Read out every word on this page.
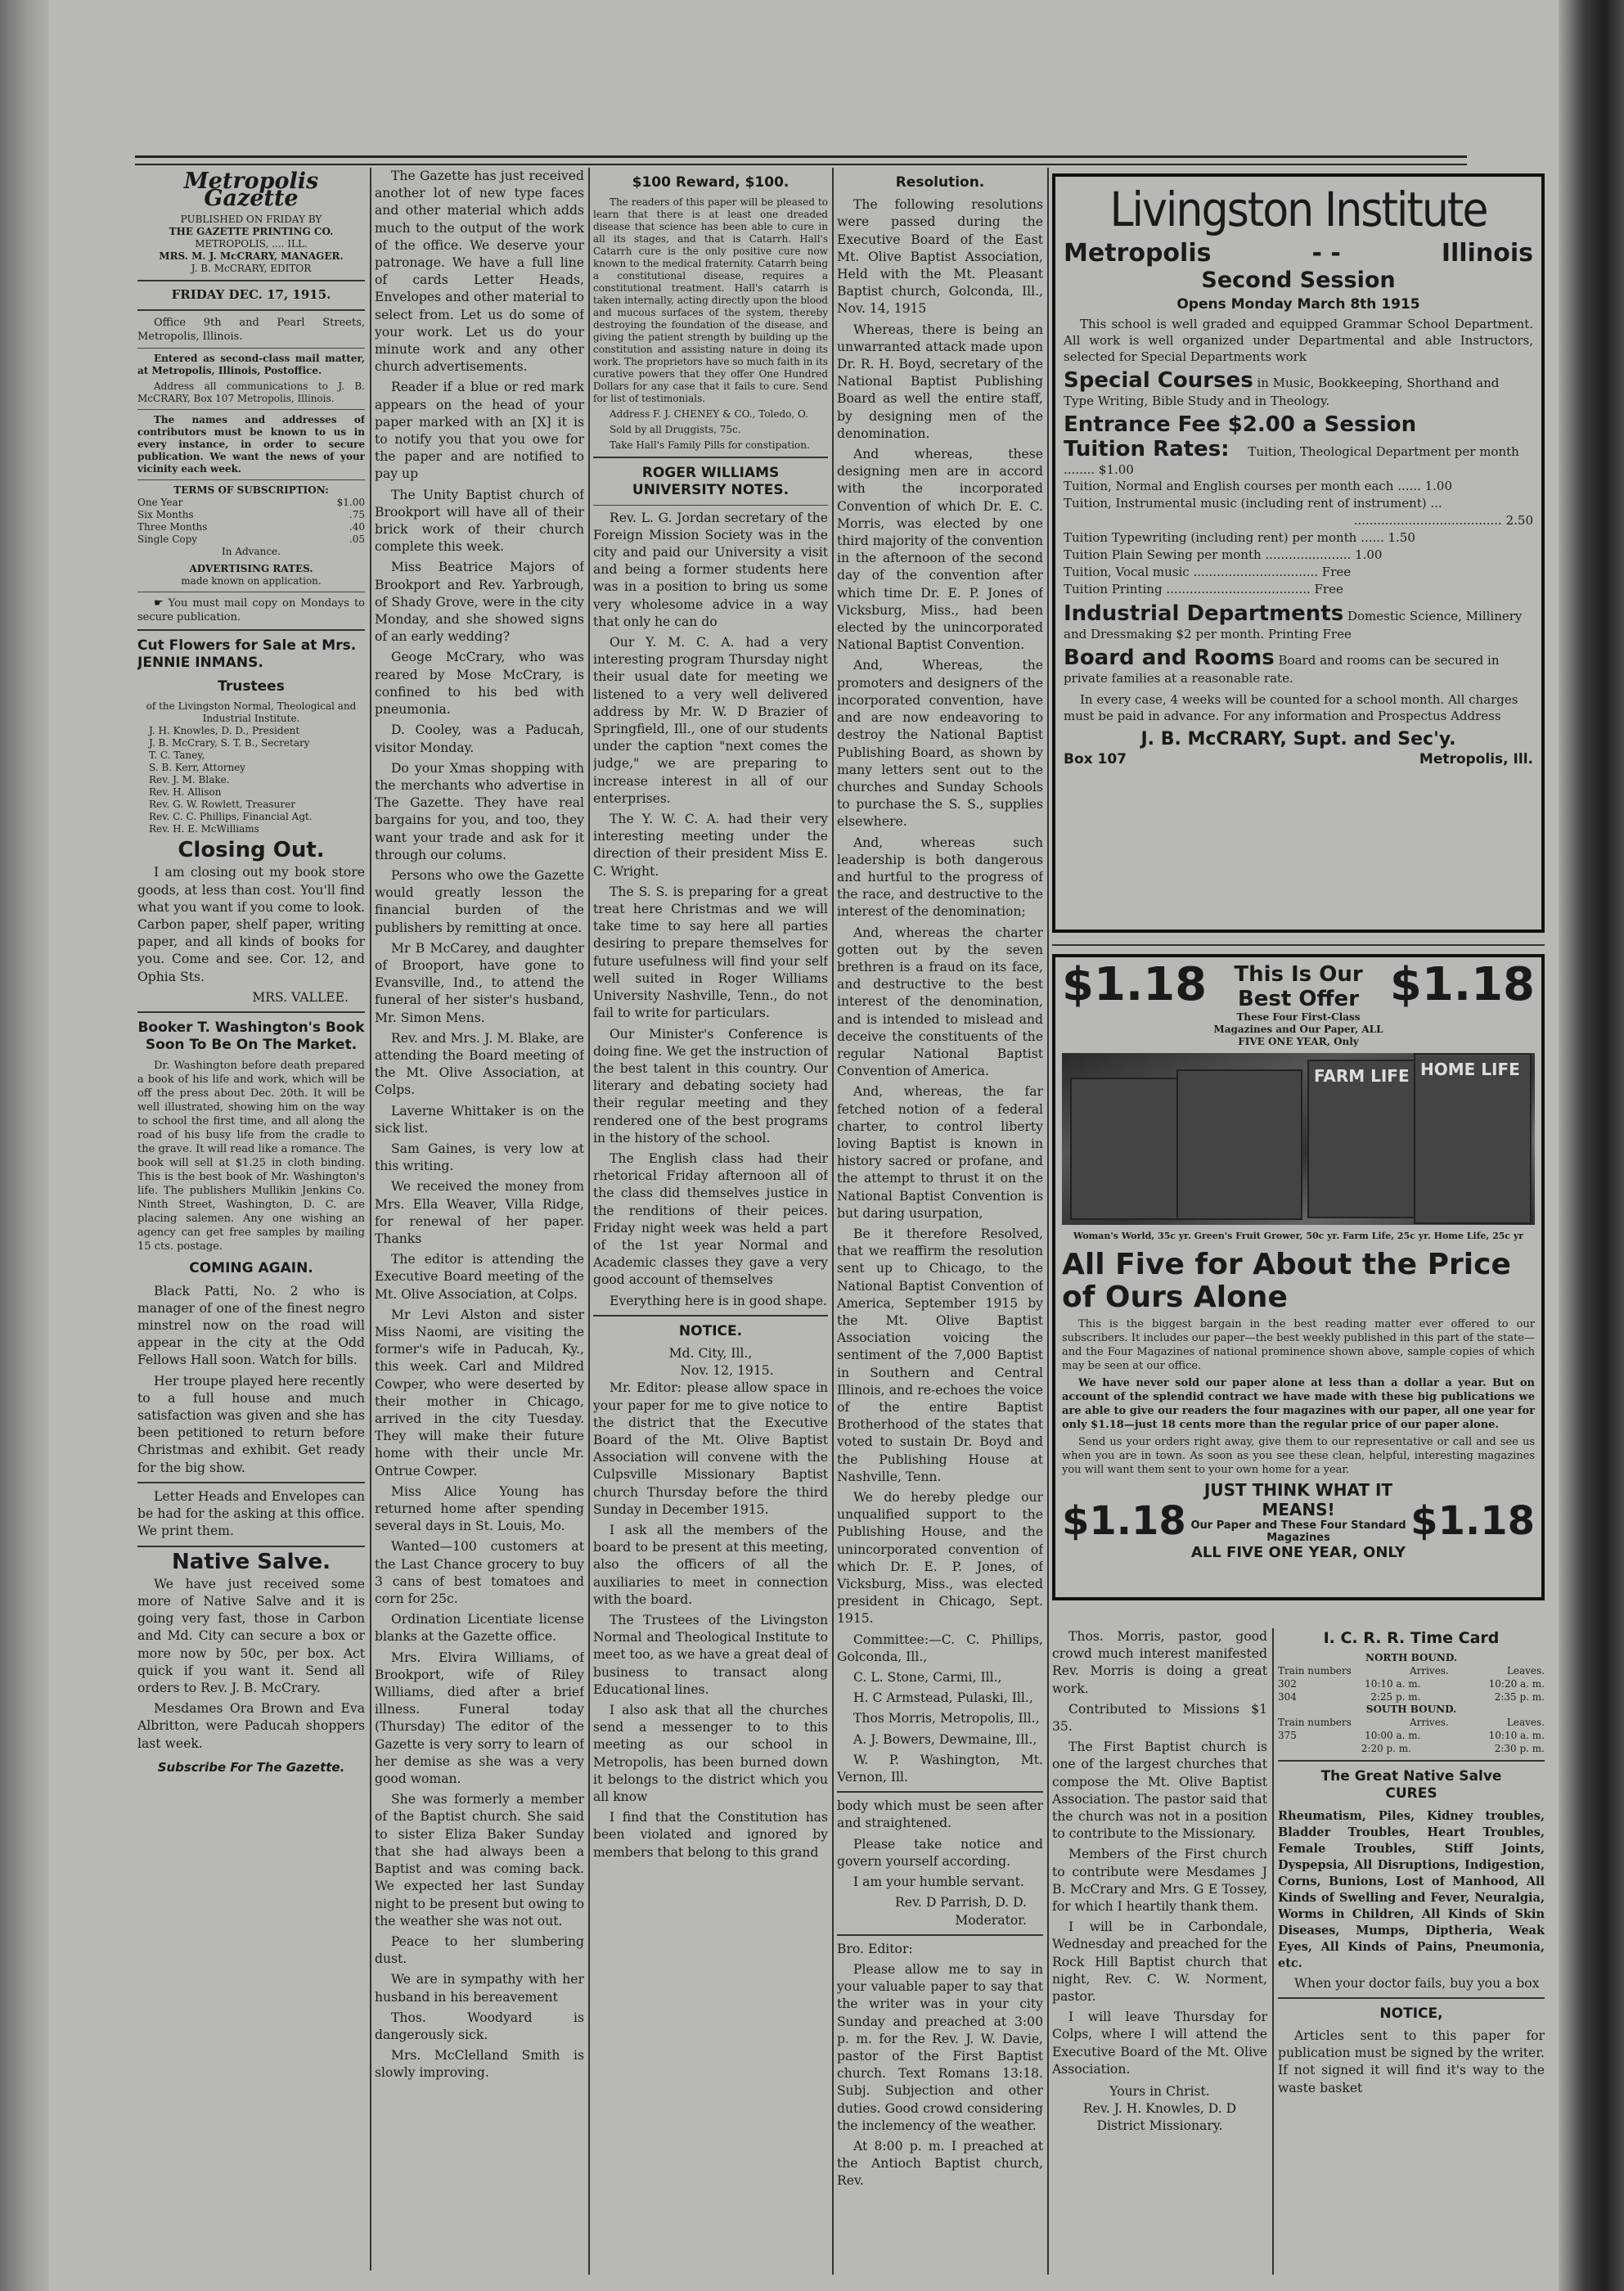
Metropolis Gazette
PUBLISHED ON FRIDAY BY
THE GAZETTE PRINTING CO.
METROPOLIS, .... ILL.
MRS. M. J. McCRARY, MANAGER.
J. B. McCRARY, EDITOR
FRIDAY DEC. 17, 1915.

Office 9th and Pearl Streets, Metropolis, Illinois.

Entered as second-class mail matter, at Metropolis, Illinois, Postoffice.

Address all communications to J. B. McCRARY, Box 107 Metropolis, Illinois.

The names and addresses of contributors must be known to us in every instance, in order to secure publication. We want the news of your vicinity each week.

TERMS OF SUBSCRIPTION:
One Year	$1.00
Six Months	.75
Three Months	.40
Single Copy	.05
In Advance.
ADVERTISING RATES.
made known on application.

☛ You must mail copy on Mondays to secure publication.

Cut Flowers for Sale at Mrs. JENNIE INMANS.
Trustees
of the Livingston Normal, Theological and Industrial Institute.
J. H. Knowles, D. D., President
J. B. McCrary, S. T. B., Secretary
T. C. Taney,
S. B. Kerr, Attorney
Rev. J. M. Blake.
Rev. H. Allison
Rev. G. W. Rowlett, Treasurer
Rev. C. C. Phillips, Financial Agt.
Rev. H. E. McWilliams
Closing Out.

I am closing out my book store goods, at less than cost. You'll find what you want if you come to look. Carbon paper, shelf paper, writing paper, and all kinds of books for you. Come and see. Cor. 12, and Ophia Sts.

MRS. VALLEE.
Booker T. Washington's Book Soon To Be On The Market.

Dr. Washington before death prepared a book of his life and work, which will be off the press about Dec. 20th. It will be well illustrated, showing him on the way to school the first time, and all along the road of his busy life from the cradle to the grave. It will read like a romance. The book will sell at $1.25 in cloth binding. This is the best book of Mr. Washington's life. The publishers Mullikin Jenkins Co. Ninth Street, Washington, D. C. are placing salemen. Any one wishing an agency can get free samples by mailing 15 cts. postage.

COMING AGAIN.

Black Patti, No. 2 who is manager of one of the finest negro minstrel now on the road will appear in the city at the Odd Fellows Hall soon. Watch for bills.

Her troupe played here recently to a full house and much satisfaction was given and she has been petitioned to return before Christmas and exhibit. Get ready for the big show.

Letter Heads and Envelopes can be had for the asking at this office. We print them.

Native Salve.

We have just received some more of Native Salve and it is going very fast, those in Carbon and Md. City can secure a box or more now by 50c, per box. Act quick if you want it. Send all orders to Rev. J. B. McCrary.

Mesdames Ora Brown and Eva Albritton, were Paducah shoppers last week.

Subscribe For The Gazette.

The Gazette has just received another lot of new type faces and other material which adds much to the output of the work of the office. We deserve your patronage. We have a full line of cards Letter Heads, Envelopes and other material to select from. Let us do some of your work. Let us do your minute work and any other church advertisements.

Reader if a blue or red mark appears on the head of your paper marked with an [X] it is to notify you that you owe for the paper and are notified to pay up

The Unity Baptist church of Brookport will have all of their brick work of their church complete this week.

Miss Beatrice Majors of Brookport and Rev. Yarbrough, of Shady Grove, were in the city Monday, and she showed signs of an early wedding?

Geoge McCrary, who was reared by Mose McCrary, is confined to his bed with pneumonia.

D. Cooley, was a Paducah, visitor Monday.

Do your Xmas shopping with the merchants who advertise in The Gazette. They have real bargains for you, and too, they want your trade and ask for it through our colums.

Persons who owe the Gazette would greatly lesson the financial burden of the publishers by remitting at once.

Mr B McCarey, and daughter of Brooport, have gone to Evansville, Ind., to attend the funeral of her sister's husband, Mr. Simon Mens.

Rev. and Mrs. J. M. Blake, are attending the Board meeting of the Mt. Olive Association, at Colps.

Laverne Whittaker is on the sick list.

Sam Gaines, is very low at this writing.

We received the money from Mrs. Ella Weaver, Villa Ridge, for renewal of her paper. Thanks

The editor is attending the Executive Board meeting of the Mt. Olive Association, at Colps.

Mr Levi Alston and sister Miss Naomi, are visiting the former's wife in Paducah, Ky., this week. Carl and Mildred Cowper, who were deserted by their mother in Chicago, arrived in the city Tuesday. They will make their future home with their uncle Mr. Ontrue Cowper.

Miss Alice Young has returned home after spending several days in St. Louis, Mo.

Wanted—100 customers at the Last Chance grocery to buy 3 cans of best tomatoes and corn for 25c.

Ordination Licentiate license blanks at the Gazette office.

Mrs. Elvira Williams, of Brookport, wife of Riley Williams, died after a brief illness. Funeral today (Thursday) The editor of the Gazette is very sorry to learn of her demise as she was a very good woman.

She was formerly a member of the Baptist church. She said to sister Eliza Baker Sunday that she had always been a Baptist and was coming back. We expected her last Sunday night to be present but owing to the weather she was not out.

Peace to her slumbering dust.

We are in sympathy with her husband in his bereavement

Thos. Woodyard is dangerously sick.

Mrs. McClelland Smith is slowly improving.

$100 Reward, $100.

The readers of this paper will be pleased to learn that there is at least one dreaded disease that science has been able to cure in all its stages, and that is Catarrh. Hall's Catarrh cure is the only positive cure now known to the medical fraternity. Catarrh being a constitutional disease, requires a constitutional treatment. Hall's catarrh is taken internally, acting directly upon the blood and mucous surfaces of the system, thereby destroying the foundation of the disease, and giving the patient strength by building up the constitution and assisting nature in doing its work. The proprietors have so much faith in its curative powers that they offer One Hundred Dollars for any case that it fails to cure. Send for list of testimonials.

Address F. J. CHENEY & CO., Toledo, O.

Sold by all Druggists, 75c.

Take Hall's Family Pills for constipation.

ROGER WILLIAMS UNIVERSITY NOTES.

Rev. L. G. Jordan secretary of the Foreign Mission Society was in the city and paid our University a visit and being a former students here was in a position to bring us some very wholesome advice in a way that only he can do

Our Y. M. C. A. had a very interesting program Thursday night their usual date for meeting we listened to a very well delivered address by Mr. W. D Brazier of Springfield, Ill., one of our students under the caption "next comes the judge," we are preparing to increase interest in all of our enterprises.

The Y. W. C. A. had their very interesting meeting under the direction of their president Miss E. C. Wright.

The S. S. is preparing for a great treat here Christmas and we will take time to say here all parties desiring to prepare themselves for future usefulness will find your self well suited in Roger Williams University Nashville, Tenn., do not fail to write for particulars.

Our Minister's Conference is doing fine. We get the instruction of the best talent in this country. Our literary and debating society had their regular meeting and they rendered one of the best programs in the history of the school.

The English class had their rhetorical Friday afternoon all of the class did themselves justice in the renditions of their peices. Friday night week was held a part of the 1st year Normal and Academic classes they gave a very good account of themselves

Everything here is in good shape.

NOTICE.
Md. City, Ill.,
Nov. 12, 1915.

Mr. Editor: please allow space in your paper for me to give notice to the district that the Executive Board of the Mt. Olive Baptist Association will convene with the Culpsville Missionary Baptist church Thursday before the third Sunday in December 1915.

I ask all the members of the board to be present at this meeting, also the officers of all the auxiliaries to meet in connection with the board.

The Trustees of the Livingston Normal and Theological Institute to meet too, as we have a great deal of business to transact along Educational lines.

I also ask that all the churches send a messenger to to this meeting as our school in Metropolis, has been burned down it belongs to the district which you all know

I find that the Constitution has been violated and ignored by members that belong to this grand

Resolution.

The following resolutions were passed during the Executive Board of the East Mt. Olive Baptist Association, Held with the Mt. Pleasant Baptist church, Golconda, Ill., Nov. 14, 1915

Whereas, there is being an unwarranted attack made upon Dr. R. H. Boyd, secretary of the National Baptist Publishing Board as well the entire staff, by designing men of the denomination.

And whereas, these designing men are in accord with the incorporated Convention of which Dr. E. C. Morris, was elected by one third majority of the convention in the afternoon of the second day of the convention after which time Dr. E. P. Jones of Vicksburg, Miss., had been elected by the unincorporated National Baptist Convention.

And, Whereas, the promoters and designers of the incorporated convention, have and are now endeavoring to destroy the National Baptist Publishing Board, as shown by many letters sent out to the churches and Sunday Schools to purchase the S. S., supplies elsewhere.

And, whereas such leadership is both dangerous and hurtful to the progress of the race, and destructive to the interest of the denomination;

And, whereas the charter gotten out by the seven brethren is a fraud on its face, and destructive to the best interest of the denomination, and is intended to mislead and deceive the constituents of the regular National Baptist Convention of America.

And, whereas, the far fetched notion of a federal charter, to control liberty loving Baptist is known in history sacred or profane, and the attempt to thrust it on the National Baptist Convention is but daring usurpation,

Be it therefore Resolved, that we reaffirm the resolution sent up to Chicago, to the National Baptist Convention of America, September 1915 by the Mt. Olive Baptist Association voicing the sentiment of the 7,000 Baptist in Southern and Central Illinois, and re-echoes the voice of the entire Baptist Brotherhood of the states that voted to sustain Dr. Boyd and the Publishing House at Nashville, Tenn.

We do hereby pledge our unqualified support to the Publishing House, and the unincorporated convention of which Dr. E. P. Jones, of Vicksburg, Miss., was elected president in Chicago, Sept. 1915.

Committee:—C. C. Phillips, Golconda, Ill.,

C. L. Stone, Carmi, Ill.,

H. C Armstead, Pulaski, Ill.,

Thos Morris, Metropolis, Ill.,

A. J. Bowers, Dewmaine, Ill.,

W. P. Washington, Mt. Vernon, Ill.

body which must be seen after and straightened.

Please take notice and govern yourself according.

I am your humble servant.

Rev. D Parrish, D. D.
Moderator.

Bro. Editor:

Please allow me to say in your valuable paper to say that the writer was in your city Sunday and preached at 3:00 p. m. for the Rev. J. W. Davie, pastor of the First Baptist church. Text Romans 13:18. Subj. Subjection and other duties. Good crowd considering the inclemency of the weather.

At 8:00 p. m. I preached at the Antioch Baptist church, Rev.

Livingston Institute
Metropolis	- -	Illinois
Second Session
Opens Monday March 8th 1915

This school is well graded and equipped Grammar School Department. All work is well organized under Departmental and able Instructors, selected for Special Departments work

Special Courses in Music, Bookkeeping, Shorthand and Type Writing, Bible Study and in Theology.
Entrance Fee $2.00 a Session
Tuition Rates: Tuition, Theological Department per month ........ $1.00
Tuition, Normal and English courses per month each ...... 1.00
Tuition, Instrumental music (including rent of instrument) ...
...................................... 2.50
Tuition Typewriting (including rent) per month ...... 1.50
Tuition Plain Sewing per month ...................... 1.00
Tuition, Vocal music ................................ Free
Tuition Printing ..................................... Free
Industrial Departments Domestic Science, Millinery and Dressmaking $2 per month. Printing Free
Board and Rooms Board and rooms can be secured in private families at a reasonable rate.

In every case, 4 weeks will be counted for a school month. All charges must be paid in advance. For any information and Prospectus Address

J. B. McCRARY, Supt. and Sec'y.
Box 107	Metropolis, Ill.
$1.18	This Is Our Best Offer
These Four First-Class Magazines and Our Paper, ALL FIVE ONE YEAR, Only
$1.18
FARM LIFE HOME LIFE
Woman's World, 35c yr. Green's Fruit Grower, 50c yr. Farm Life, 25c yr. Home Life, 25c yr
All Five for About the Price of Ours Alone

This is the biggest bargain in the best reading matter ever offered to our subscribers. It includes our paper—the best weekly published in this part of the state—and the Four Magazines of national prominence shown above, sample copies of which may be seen at our office.

We have never sold our paper alone at less than a dollar a year. But on account of the splendid contract we have made with these big publications we are able to give our readers the four magazines with our paper, all one year for only $1.18—just 18 cents more than the regular price of our paper alone.

Send us your orders right away, give them to our representative or call and see us when you are in town. As soon as you see these clean, helpful, interesting magazines you will want them sent to your own home for a year.

$1.18
JUST THINK WHAT IT MEANS!
Our Paper and These Four Standard Magazines
ALL FIVE ONE YEAR, ONLY
$1.18

Thos. Morris, pastor, good crowd much interest manifested Rev. Morris is doing a great work.

Contributed to Missions $1 35.

The First Baptist church is one of the largest churches that compose the Mt. Olive Baptist Association. The pastor said that the church was not in a position to contribute to the Missionary.

Members of the First church to contribute were Mesdames J B. McCrary and Mrs. G E Tossey, for which I heartily thank them.

I will be in Carbondale, Wednesday and preached for the Rock Hill Baptist church that night, Rev. C. W. Norment, pastor.

I will leave Thursday for Colps, where I will attend the Executive Board of the Mt. Olive Association.

Yours in Christ.
Rev. J. H. Knowles, D. D
District Missionary.
I. C. R. R. Time Card
NORTH BOUND.
Train numbers	Arrives.	Leaves.
302	10:10 a. m.	10:20 a. m.
304	2:25 p. m.	2:35 p. m.
SOUTH BOUND.
Train numbers	Arrives.	Leaves.
375	10:00 a. m.	10:10 a. m.
2:20 p. m.	2:30 p. m.
The Great Native Salve
CURES

Rheumatism, Piles, Kidney troubles, Bladder Troubles, Heart Troubles, Female Troubles, Stiff Joints, Dyspepsia, All Disruptions, Indigestion, Corns, Bunions, Lost of Manhood, All Kinds of Swelling and Fever, Neuralgia, Worms in Children, All Kinds of Skin Diseases, Mumps, Diptheria, Weak Eyes, All Kinds of Pains, Pneumonia, etc.

When your doctor fails, buy you a box

NOTICE,

Articles sent to this paper for publication must be signed by the writer. If not signed it will find it's way to the waste basket
